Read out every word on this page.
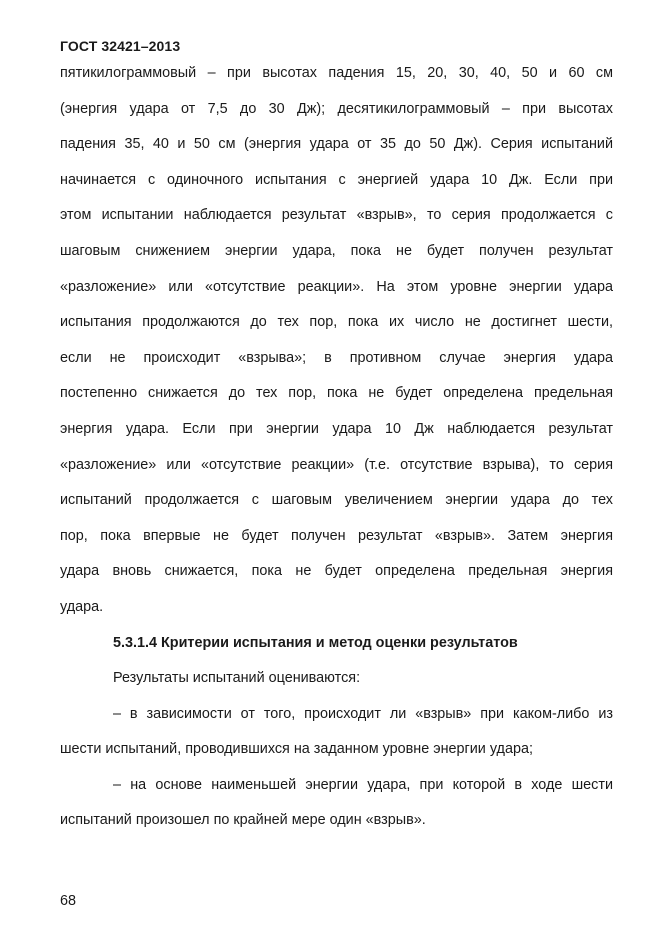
ГОСТ 32421–2013
пятикилограммовый – при высотах падения 15, 20, 30, 40, 50 и 60 см
(энергия удара от 7,5 до 30 Дж); десятикилограммовый – при высотах
падения 35, 40 и 50 см (энергия удара от 35 до 50 Дж). Серия испытаний
начинается с одиночного испытания с энергией удара 10 Дж. Если при
этом испытании наблюдается результат «взрыв», то серия продолжается с
шаговым снижением энергии удара, пока не будет получен результат
«разложение» или «отсутствие реакции». На этом уровне энергии удара
испытания продолжаются до тех пор, пока их число не достигнет шести,
если не происходит «взрыва»; в противном случае энергия удара
постепенно снижается до тех пор, пока не будет определена предельная
энергия удара. Если при энергии удара 10 Дж наблюдается результат
«разложение» или «отсутствие реакции» (т.е. отсутствие взрыва), то серия
испытаний продолжается с шаговым увеличением энергии удара до тех
пор, пока впервые не будет получен результат «взрыв». Затем энергия
удара вновь снижается, пока не будет определена предельная энергия
удара.
5.3.1.4 Критерии испытания и метод оценки результатов
Результаты испытаний оцениваются:
– в зависимости от того, происходит ли «взрыв» при каком-либо из
шести испытаний, проводившихся на заданном уровне энергии удара;
– на основе наименьшей энергии удара, при которой в ходе шести
испытаний произошел по крайней мере один «взрыв».
68
